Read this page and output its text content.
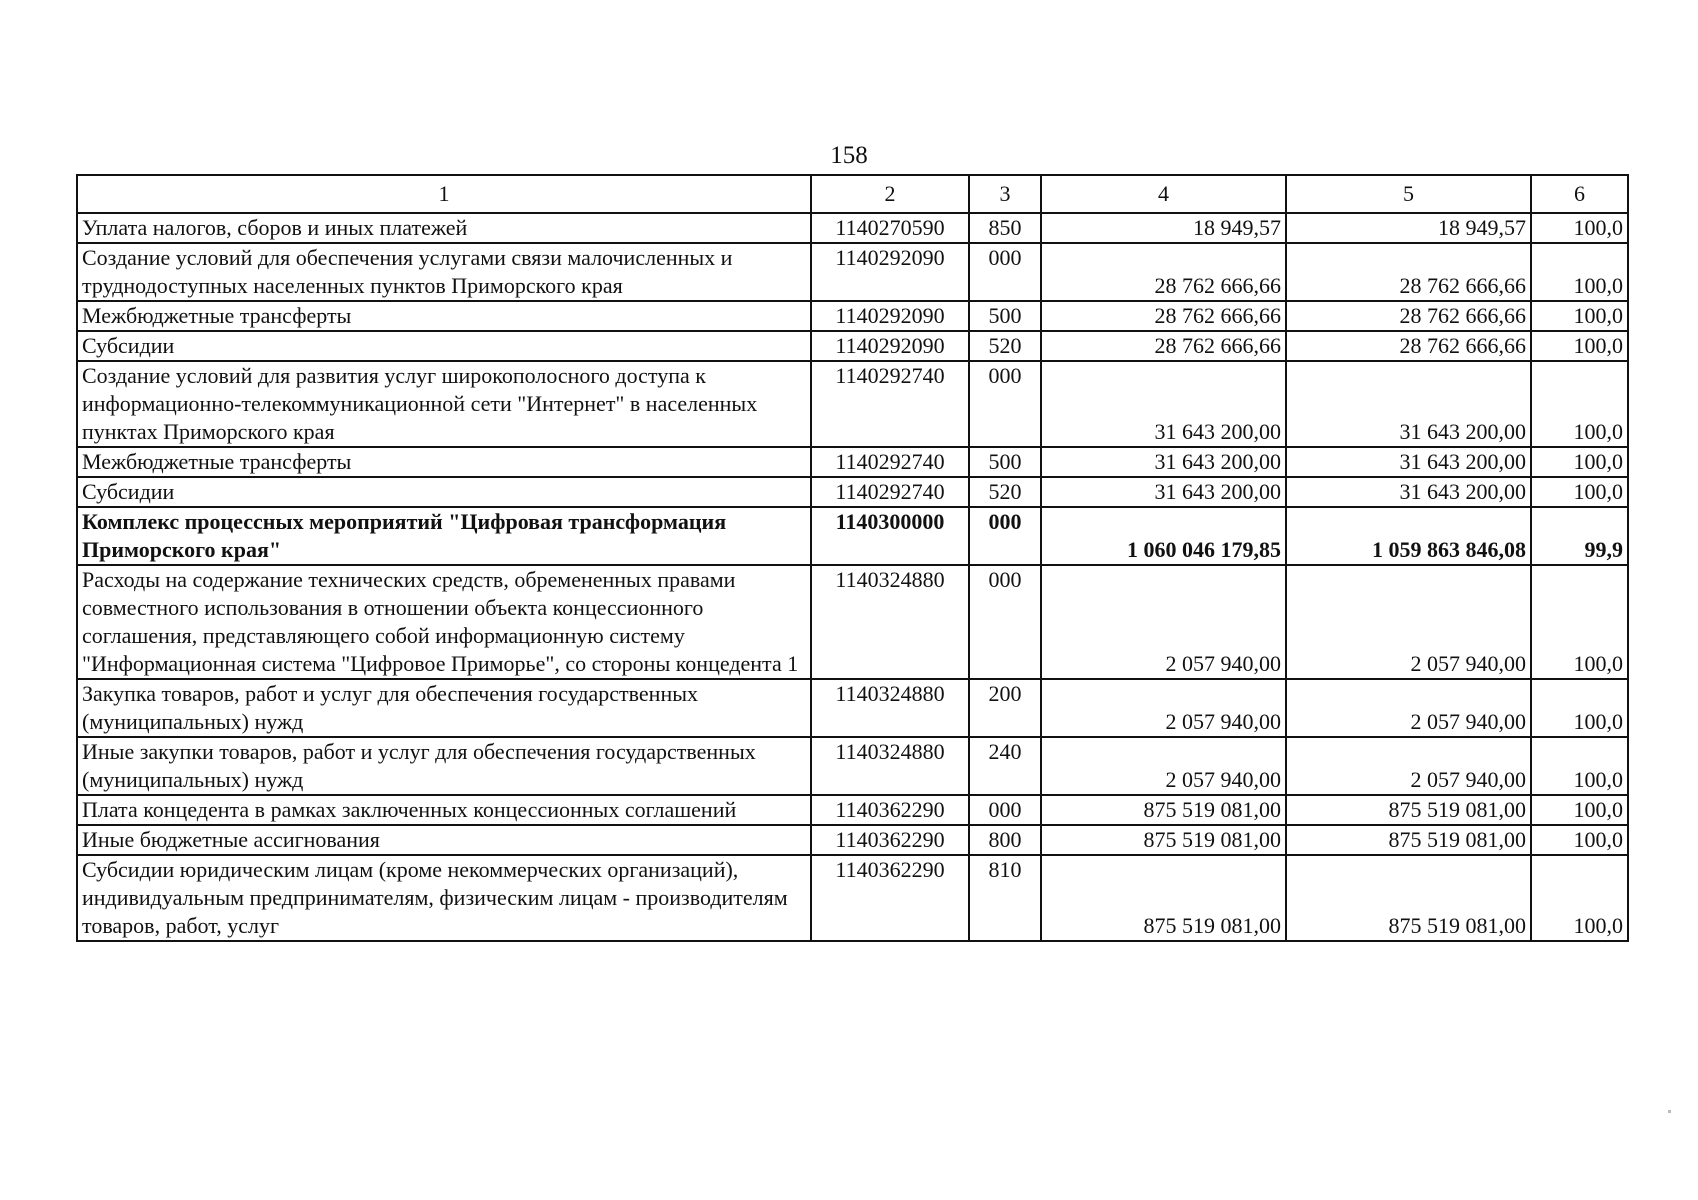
158
1	2	3	4	5	6
Уплата налогов, сборов и иных платежей	1140270590	850	18 949,57	18 949,57	100,0
Создание условий для обеспечения услугами связи малочисленных и труднодоступных населенных пунктов Приморского края	1140292090	000	28 762 666,66	28 762 666,66	100,0
Межбюджетные трансферты	1140292090	500	28 762 666,66	28 762 666,66	100,0
Субсидии	1140292090	520	28 762 666,66	28 762 666,66	100,0
Создание условий для развития услуг широкополосного доступа к информационно-телекоммуникационной сети "Интернет" в населенных пунктах Приморского края	1140292740	000	31 643 200,00	31 643 200,00	100,0
Межбюджетные трансферты	1140292740	500	31 643 200,00	31 643 200,00	100,0
Субсидии	1140292740	520	31 643 200,00	31 643 200,00	100,0
Комплекс процессных мероприятий "Цифровая трансформация Приморского края"	1140300000	000	1 060 046 179,85	1 059 863 846,08	99,9
Расходы на содержание технических средств, обремененных правами совместного использования в отношении объекта концессионного соглашения, представляющего собой информационную систему "Информационная система "Цифровое Приморье", со стороны концедента 1	1140324880	000	2 057 940,00	2 057 940,00	100,0
Закупка товаров, работ и услуг для обеспечения государственных (муниципальных) нужд	1140324880	200	2 057 940,00	2 057 940,00	100,0
Иные закупки товаров, работ и услуг для обеспечения государственных (муниципальных) нужд	1140324880	240	2 057 940,00	2 057 940,00	100,0
Плата концедента в рамках заключенных концессионных соглашений	1140362290	000	875 519 081,00	875 519 081,00	100,0
Иные бюджетные ассигнования	1140362290	800	875 519 081,00	875 519 081,00	100,0
Субсидии юридическим лицам (кроме некоммерческих организаций), индивидуальным предпринимателям, физическим лицам - производителям товаров, работ, услуг	1140362290	810	875 519 081,00	875 519 081,00	100,0
